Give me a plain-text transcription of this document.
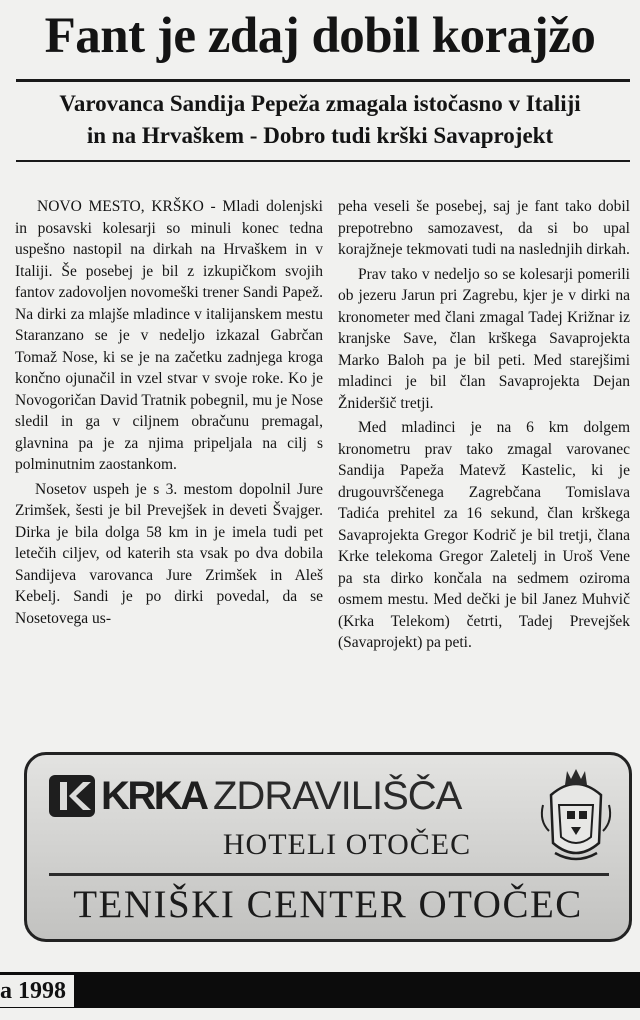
Fant je zdaj dobil korajžo
Varovanca Sandija Pepeža zmagala istočasno v Italiji
in na Hrvaškem - Dobro tudi krški Savaprojekt

NOVO MESTO, KRŠKO - Mladi dolenjski in posavski kolesarji so minuli konec tedna uspešno nastopil na dirkah na Hrvaškem in v Italiji. Še posebej je bil z izkupičkom svojih fantov zadovoljen novomeški trener Sandi Papež. Na dirki za mlajše mladince v italijanskem mestu Staranzano se je v nedeljo izkazal Gabrčan Tomaž Nose, ki se je na začetku zadnjega kroga končno ojunačil in vzel stvar v svoje roke. Ko je Novogoričan David Tratnik pobegnil, mu je Nose sledil in ga v ciljnem obračunu premagal, glavnina pa je za njima pripeljala na cilj s polminutnim zaostankom.

Nosetov uspeh je s 3. mestom dopolnil Jure Zrimšek, šesti je bil Prevejšek in deveti Švajger. Dirka je bila dolga 58 km in je imela tudi pet letečih ciljev, od katerih sta vsak po dva dobila Sandijeva varovanca Jure Zrimšek in Aleš Kebelj. Sandi je po dirki povedal, da se Nosetovega us-

peha veseli še posebej, saj je fant tako dobil prepotrebno samozavest, da si bo upal korajžneje tekmovati tudi na naslednjih dirkah.

Prav tako v nedeljo so se kolesarji pomerili ob jezeru Jarun pri Zagrebu, kjer je v dirki na kronometer med člani zmagal Tadej Križnar iz kranjske Save, član krškega Savaprojekta Marko Baloh pa je bil peti. Med starejšimi mladinci je bil član Savaprojekta Dejan Žnideršič tretji.

Med mladinci je na 6 km dolgem kronometru prav tako zmagal varovanec Sandija Papeža Matevž Kastelic, ki je drugouvrščenega Zagrebčana Tomislava Tadića prehitel za 16 sekund, član krškega Savaprojekta Gregor Kodrič je bil tretji, člana Krke telekoma Gregor Zaletelj in Uroš Vene pa sta dirko končala na sedmem oziroma osmem mestu. Med dečki je bil Janez Muhvič (Krka Telekom) četrti, Tadej Prevejšek (Savaprojekt) pa peti.

KRKA ZDRAVILIŠČA
HOTELI OTOČEC
TENIŠKI CENTER OTOČEC
a 1998
